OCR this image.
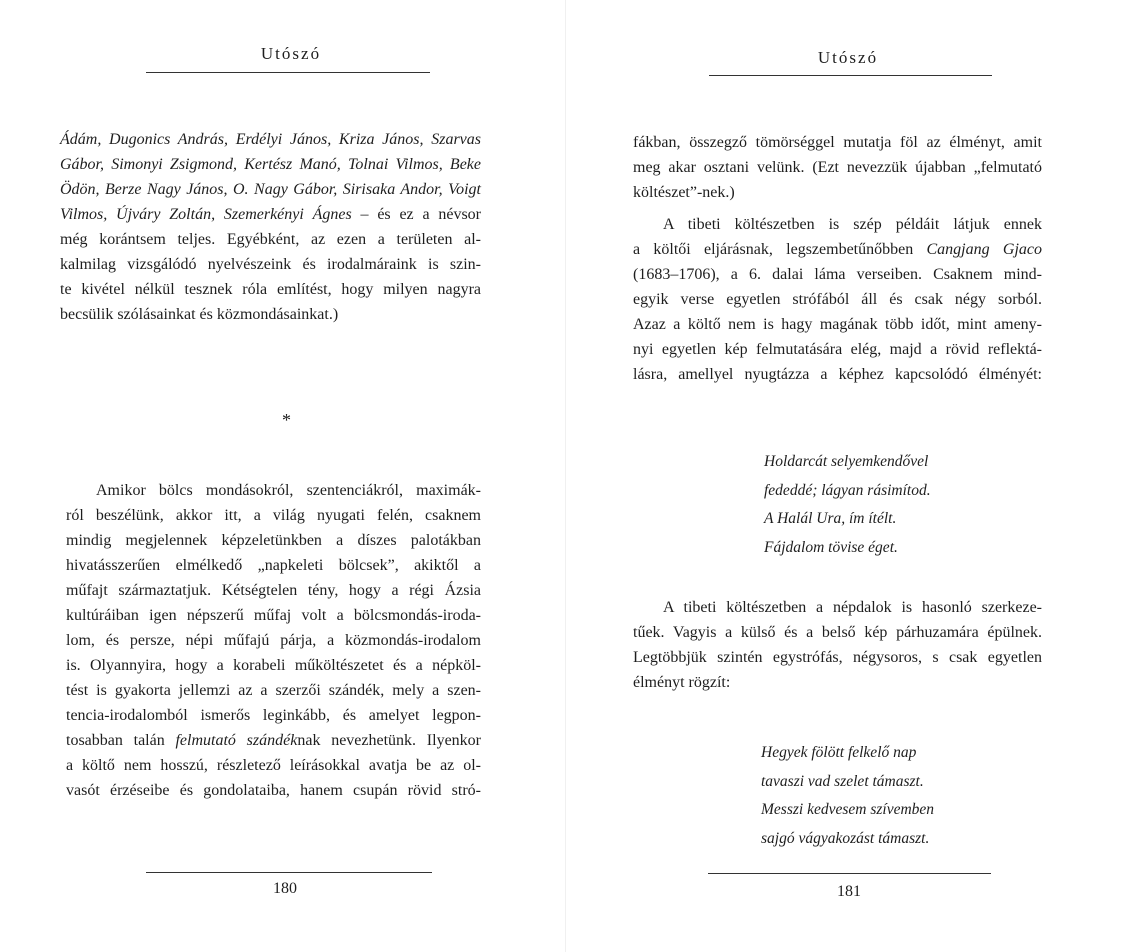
Utószó
Ádám, Dugonics András, Erdélyi János, Kriza János, Szarvas
Gábor, Simonyi Zsigmond, Kertész Manó, Tolnai Vilmos, Beke
Ödön, Berze Nagy János, O. Nagy Gábor, Sirisaka Andor, Voigt
Vilmos, Újváry Zoltán, Szemerkényi Ágnes – és ez a névsor
még korántsem teljes. Egyébként, az ezen a területen al-
kalmilag vizsgálódó nyelvészeink és irodalmáraink is szin-
te kivétel nélkül tesznek róla említést, hogy milyen nagyra
becsülik szólásainkat és közmondásainkat.)
*
Amikor bölcs mondásokról, szentenciákról, maximák-
ról beszélünk, akkor itt, a világ nyugati felén, csaknem
mindig megjelennek képzeletünkben a díszes palotákban
hivatásszerűen elmélkedő „napkeleti bölcsek”, akiktől a
műfajt származtatjuk. Kétségtelen tény, hogy a régi Ázsia
kultúráiban igen népszerű műfaj volt a bölcsmondás-iroda-
lom, és persze, népi műfajú párja, a közmondás-irodalom
is. Olyannyira, hogy a korabeli műköltészetet és a népköl-
tést is gyakorta jellemzi az a szerzői szándék, mely a szen-
tencia-irodalomból ismerős leginkább, és amelyet legpon-
tosabban talán felmutató szándéknak nevezhetünk. Ilyenkor
a költő nem hosszú, részletező leírásokkal avatja be az ol-
vasót érzéseibe és gondolataiba, hanem csupán rövid stró-
180
Utószó
fákban, összegző tömörséggel mutatja föl az élményt, amit
meg akar osztani velünk. (Ezt nevezzük újabban „felmutató
költészet”-nek.)
A tibeti költészetben is szép példáit látjuk ennek
a költői eljárásnak, legszembetűnőbben Cangjang Gjaco
(1683–1706), a 6. dalai láma verseiben. Csaknem mind-
egyik verse egyetlen strófából áll és csak négy sorból.
Azaz a költő nem is hagy magának több időt, mint ameny-
nyi egyetlen kép felmutatására elég, majd a rövid reflektá-
lásra, amellyel nyugtázza a képhez kapcsolódó élményét:
Holdarcát selyemkendővel
fededdé; lágyan rásimítod.
A Halál Ura, ím ítélt.
Fájdalom tövise éget.
A tibeti költészetben a népdalok is hasonló szerkeze-
tűek. Vagyis a külső és a belső kép párhuzamára épülnek.
Legtöbbjük szintén egystrófás, négysoros, s csak egyetlen
élményt rögzít:
Hegyek fölött felkelő nap
tavaszi vad szelet támaszt.
Messzi kedvesem szívemben
sajgó vágyakozást támaszt.
181
